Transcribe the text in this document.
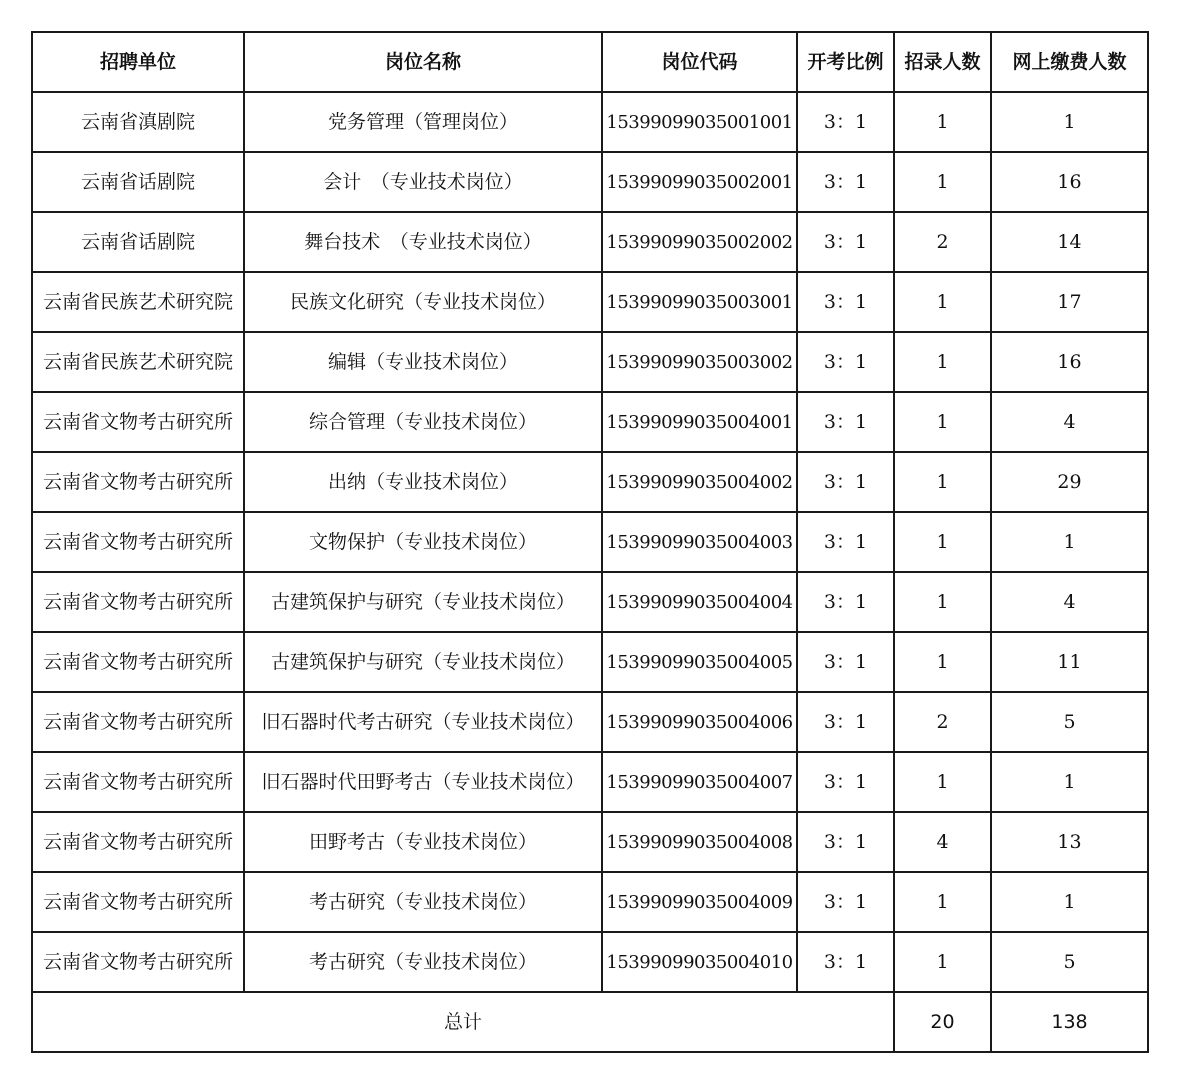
招聘单位	岗位名称	岗位代码	开考比例	招录人数	网上缴费人数
云南省滇剧院	党务管理（管理岗位）	15399099035001001	3：1	1	1
云南省话剧院	会计　（专业技术岗位）	15399099035002001	3：1	1	16
云南省话剧院	舞台技术　（专业技术岗位）	15399099035002002	3：1	2	14
云南省民族艺术研究院	民族文化研究（专业技术岗位）	15399099035003001	3：1	1	17
云南省民族艺术研究院	编辑（专业技术岗位）	15399099035003002	3：1	1	16
云南省文物考古研究所	综合管理（专业技术岗位）	15399099035004001	3：1	1	4
云南省文物考古研究所	出纳（专业技术岗位）	15399099035004002	3：1	1	29
云南省文物考古研究所	文物保护（专业技术岗位）	15399099035004003	3：1	1	1
云南省文物考古研究所	古建筑保护与研究（专业技术岗位）	15399099035004004	3：1	1	4
云南省文物考古研究所	古建筑保护与研究（专业技术岗位）	15399099035004005	3：1	1	11
云南省文物考古研究所	旧石器时代考古研究（专业技术岗位）	15399099035004006	3：1	2	5
云南省文物考古研究所	旧石器时代田野考古（专业技术岗位）	15399099035004007	3：1	1	1
云南省文物考古研究所	田野考古（专业技术岗位）	15399099035004008	3：1	4	13
云南省文物考古研究所	考古研究（专业技术岗位）	15399099035004009	3：1	1	1
云南省文物考古研究所	考古研究（专业技术岗位）	15399099035004010	3：1	1	5
总计				20	138
